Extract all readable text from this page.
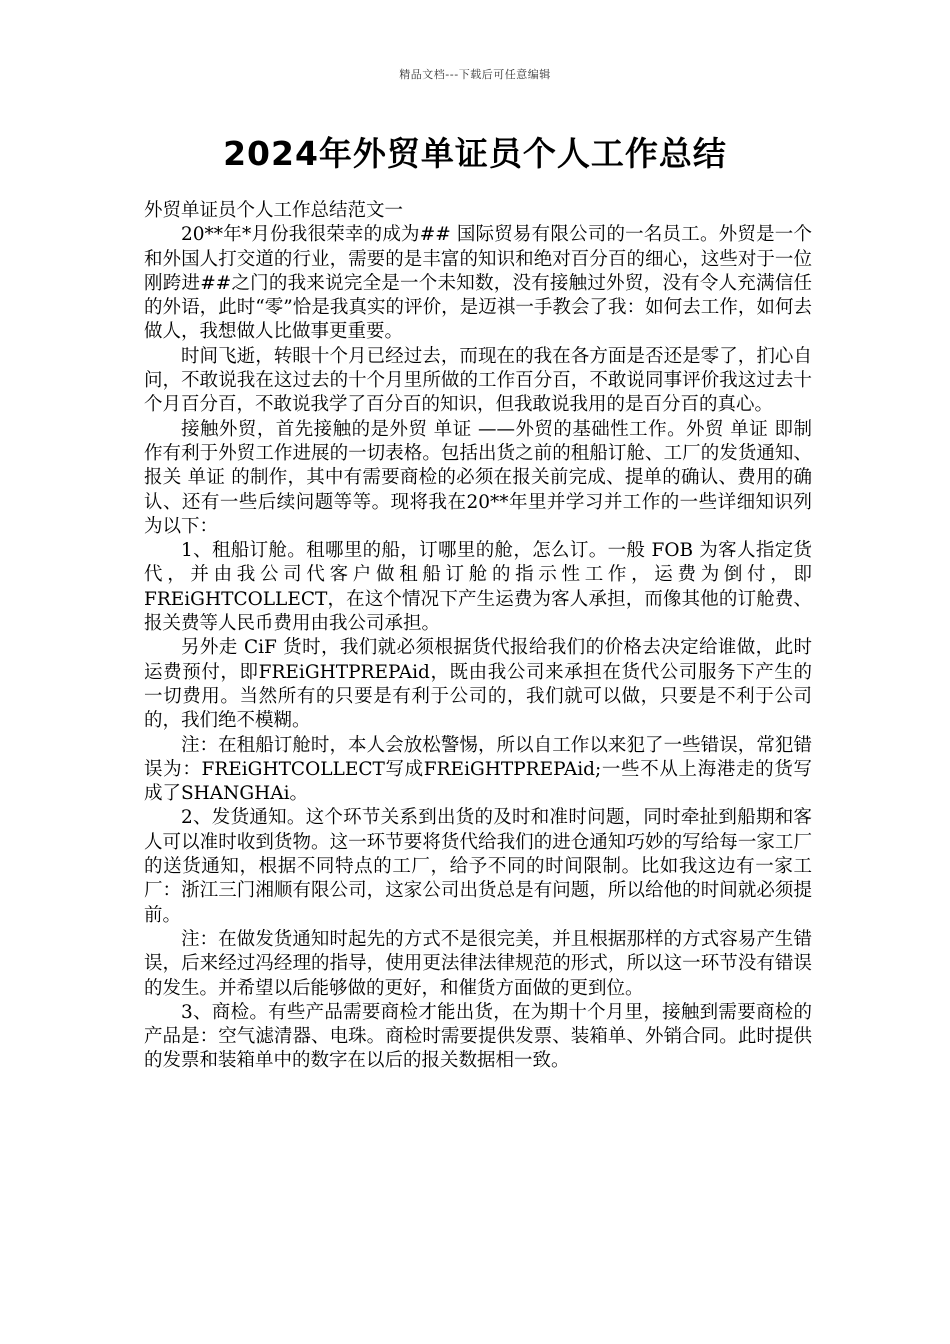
精品文档---下载后可任意编辑
2024年外贸单证员个人工作总结

外贸单证员个人工作总结范文一

20**年*月份我很荣幸的成为## 国际贸易有限公司的一名员工。外贸是一个和外国人打交道的行业，需要的是丰富的知识和绝对百分百的细心，这些对于一位刚跨进##之门的我来说完全是一个未知数，没有接触过外贸，没有令人充满信任的外语，此时“零”恰是我真实的评价，是迈祺一手教会了我：如何去工作，如何去做人，我想做人比做事更重要。

时间飞逝，转眼十个月已经过去，而现在的我在各方面是否还是零了，扪心自问，不敢说我在这过去的十个月里所做的工作百分百，不敢说同事评价我这过去十个月百分百，不敢说我学了百分百的知识，但我敢说我用的是百分百的真心。

接触外贸，首先接触的是外贸 单证 ——外贸的基础性工作。外贸 单证 即制作有利于外贸工作进展的一切表格。包括出货之前的租船订舱、工厂的发货通知、报关 单证 的制作，其中有需要商检的必须在报关前完成、提单的确认、费用的确认、还有一些后续问题等等。现将我在20**年里并学习并工作的一些详细知识列为以下：

1、租船订舱。租哪里的船，订哪里的舱，怎么订。一般 FOB 为客人指定货代，并由我公司代客户做租船订舱的指示性工作，运费为倒付，即FREiGHTCOLLECT，在这个情况下产生运费为客人承担，而像其他的订舱费、报关费等人民币费用由我公司承担。

另外走 CiF 货时，我们就必须根据货代报给我们的价格去决定给谁做，此时运费预付，即FREiGHTPREPAid，既由我公司来承担在货代公司服务下产生的一切费用。当然所有的只要是有利于公司的，我们就可以做，只要是不利于公司的，我们绝不模糊。

注：在租船订舱时，本人会放松警惕，所以自工作以来犯了一些错误，常犯错误为：FREiGHTCOLLECT写成FREiGHTPREPAid;一些不从上海港走的货写成了SHANGHAi。

2、发货通知。这个环节关系到出货的及时和准时问题，同时牵扯到船期和客人可以准时收到货物。这一环节要将货代给我们的进仓通知巧妙的写给每一家工厂的送货通知，根据不同特点的工厂，给予不同的时间限制。比如我这边有一家工厂：浙江三门湘顺有限公司，这家公司出货总是有问题，所以给他的时间就必须提前。

注：在做发货通知时起先的方式不是很完美，并且根据那样的方式容易产生错误，后来经过冯经理的指导，使用更法律法律规范的形式，所以这一环节没有错误的发生。并希望以后能够做的更好，和催货方面做的更到位。

3、商检。有些产品需要商检才能出货，在为期十个月里，接触到需要商检的产品是：空气滤清器、电珠。商检时需要提供发票、装箱单、外销合同。此时提供的发票和装箱单中的数字在以后的报关数据相一致。
